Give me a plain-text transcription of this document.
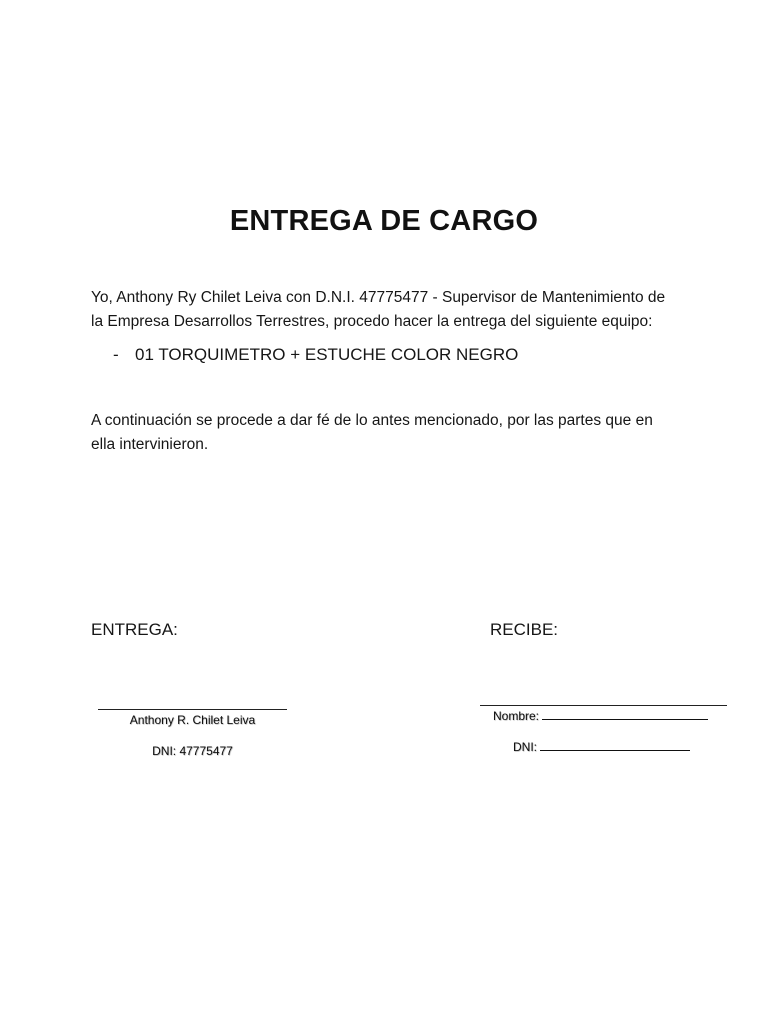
ENTREGA DE CARGO
Yo, Anthony Ry Chilet Leiva con D.N.I. 47775477 - Supervisor de Mantenimiento de
la Empresa Desarrollos Terrestres, procedo hacer la entrega del siguiente equipo:
- 01 TORQUIMETRO + ESTUCHE COLOR NEGRO
A continuación se procede a dar fé de lo antes mencionado, por las partes que en
ella intervinieron.
ENTREGA:	RECIBE:
Anthony R. Chilet Leiva
DNI: 47775477
Nombre:
DNI:
